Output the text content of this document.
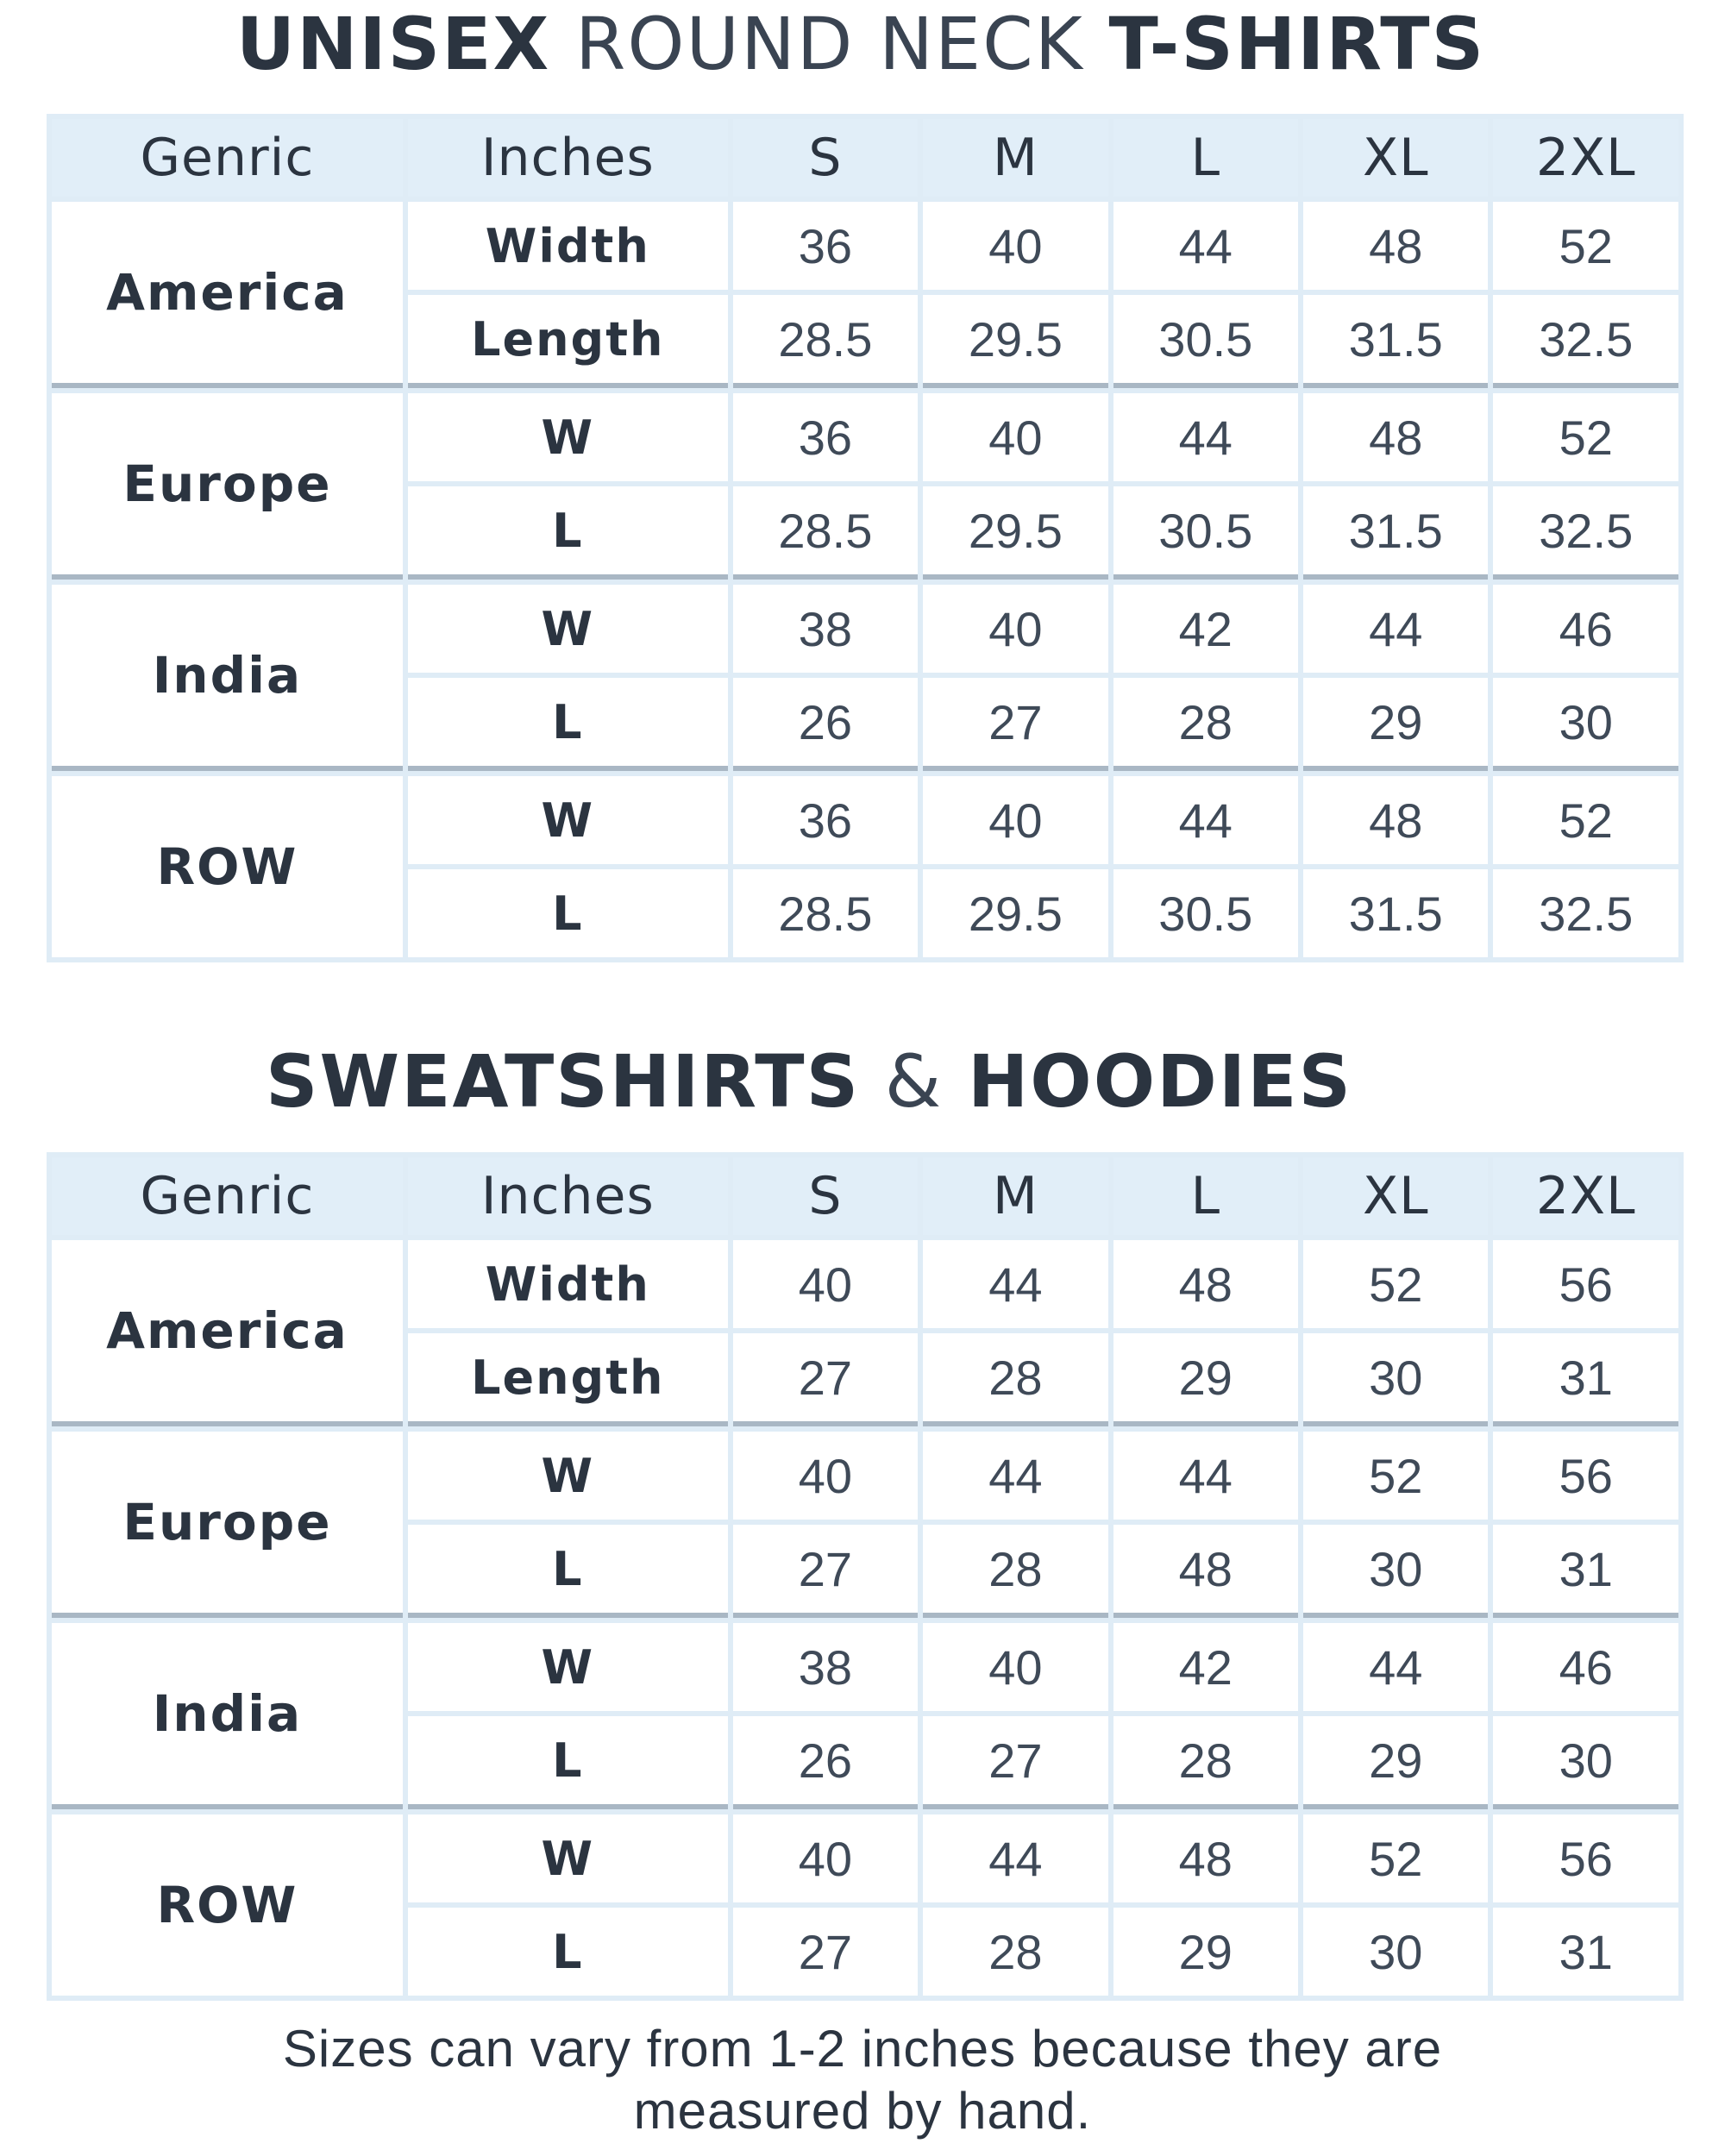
UNISEX ROUND NECK T-SHIRTS
Genric	Inches	S	M	L	XL	2XL
America	Width	36	40	44	48	52
	Length	28.5	29.5	30.5	31.5	32.5
Europe	W	36	40	44	48	52
	L	28.5	29.5	30.5	31.5	32.5
India	W	38	40	42	44	46
	L	26	27	28	29	30
ROW	W	36	40	44	48	52
	L	28.5	29.5	30.5	31.5	32.5
SWEATSHIRTS & HOODIES
Genric	Inches	S	M	L	XL	2XL
America	Width	40	44	48	52	56
	Length	27	28	29	30	31
Europe	W	40	44	44	52	56
	L	27	28	48	30	31
India	W	38	40	42	44	46
	L	26	27	28	29	30
ROW	W	40	44	48	52	56
	L	27	28	29	30	31
Sizes can vary from 1-2 inches because they are
measured by hand.
